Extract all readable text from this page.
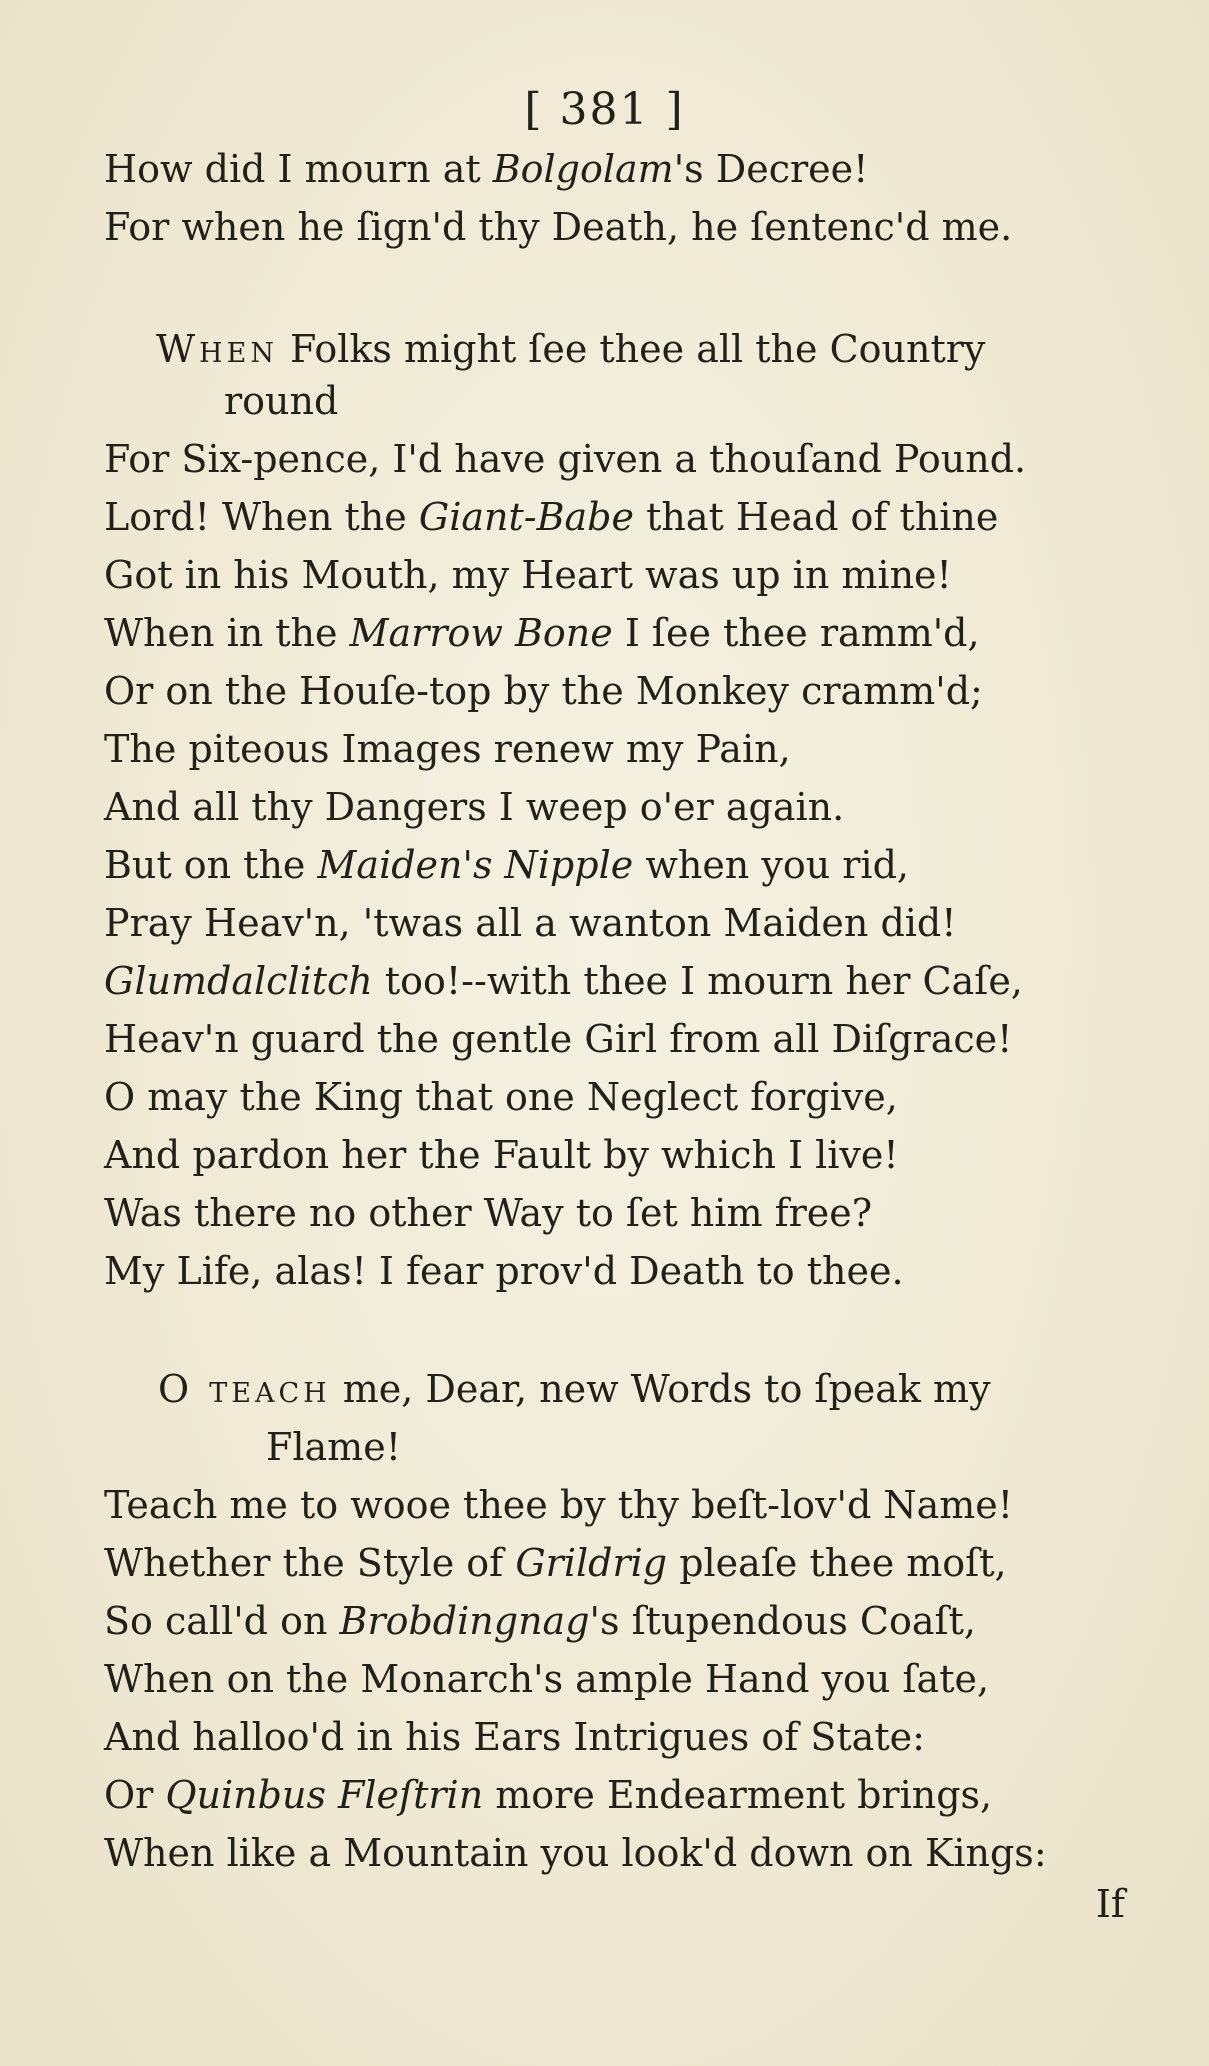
[ 381 ]
How did I mourn at Bolgolam's Decree!
For when he ſign'd thy Death, he ſentenc'd me.
When Folks might ſee thee all the Country
round
For Six-pence, I'd have given a thouſand Pound.
Lord! When the Giant-Babe that Head of thine
Got in his Mouth, my Heart was up in mine!
When in the Marrow Bone I ſee thee ramm'd,
Or on the Houſe-top by the Monkey cramm'd;
The piteous Images renew my Pain,
And all thy Dangers I weep o'er again.
But on the Maiden's Nipple when you rid,
Pray Heav'n, 'twas all a wanton Maiden did!
Glumdalclitch too!--with thee I mourn her Caſe,
Heav'n guard the gentle Girl from all Diſgrace!
O may the King that one Neglect forgive,
And pardon her the Fault by which I live!
Was there no other Way to ſet him free?
My Life, alas! I fear prov'd Death to thee.
O teach me, Dear, new Words to ſpeak my
Flame!
Teach me to wooe thee by thy beſt-lov'd Name!
Whether the Style of Grildrig pleaſe thee moſt,
So call'd on Brobdingnag's ſtupendous Coaſt,
When on the Monarch's ample Hand you ſate,
And halloo'd in his Ears Intrigues of State:
Or Quinbus Fleſtrin more Endearment brings,
When like a Mountain you look'd down on Kings:
If
